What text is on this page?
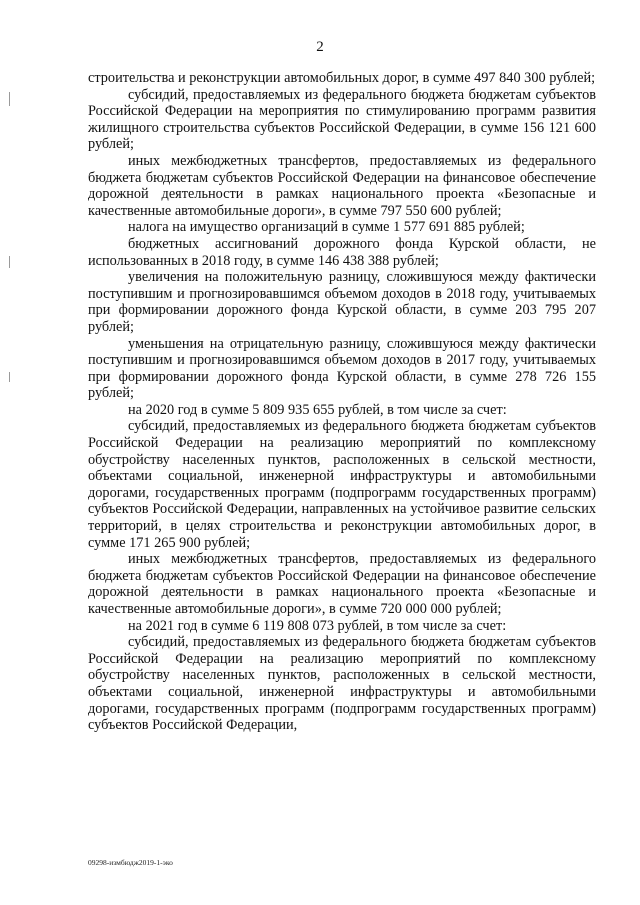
2

строительства и реконструкции автомобильных дорог, в сумме 497 840 300 рублей;

субсидий, предоставляемых из федерального бюджета бюджетам субъектов Российской Федерации на мероприятия по стимулированию программ развития жилищного строительства субъектов Российской Федерации, в сумме 156 121 600 рублей;

иных межбюджетных трансфертов, предоставляемых из федерального бюджета бюджетам субъектов Российской Федерации на финансовое обеспечение дорожной деятельности в рамках национального проекта «Безопасные и качественные автомобильные дороги», в сумме 797 550 600 рублей;

налога на имущество организаций в сумме 1 577 691 885 рублей;

бюджетных ассигнований дорожного фонда Курской области, не использованных в 2018 году, в сумме 146 438 388 рублей;

увеличения на положительную разницу, сложившуюся между фактически поступившим и прогнозировавшимся объемом доходов в 2018 году, учитываемых при формировании дорожного фонда Курской области, в сумме 203 795 207 рублей;

уменьшения на отрицательную разницу, сложившуюся между фактически поступившим и прогнозировавшимся объемом доходов в 2017 году, учитываемых при формировании дорожного фонда Курской области, в сумме 278 726 155 рублей;

на 2020 год в сумме 5 809 935 655 рублей, в том числе за счет:

субсидий, предоставляемых из федерального бюджета бюджетам субъектов Российской Федерации на реализацию мероприятий по комплексному обустройству населенных пунктов, расположенных в сельской местности, объектами социальной, инженерной инфраструктуры и автомобильными дорогами, государственных программ (подпрограмм государственных программ) субъектов Российской Федерации, направленных на устойчивое развитие сельских территорий, в целях строительства и реконструкции автомобильных дорог, в сумме 171 265 900 рублей;

иных межбюджетных трансфертов, предоставляемых из федерального бюджета бюджетам субъектов Российской Федерации на финансовое обеспечение дорожной деятельности в рамках национального проекта «Безопасные и качественные автомобильные дороги», в сумме 720 000 000 рублей;

на 2021 год в сумме 6 119 808 073 рублей, в том числе за счет:

субсидий, предоставляемых из федерального бюджета бюджетам субъектов Российской Федерации на реализацию мероприятий по комплексному обустройству населенных пунктов, расположенных в сельской местности, объектами социальной, инженерной инфраструктуры и автомобильными дорогами, государственных программ (подпрограмм государственных программ) субъектов Российской Федерации,

09298-измбюдж2019-1-эко
